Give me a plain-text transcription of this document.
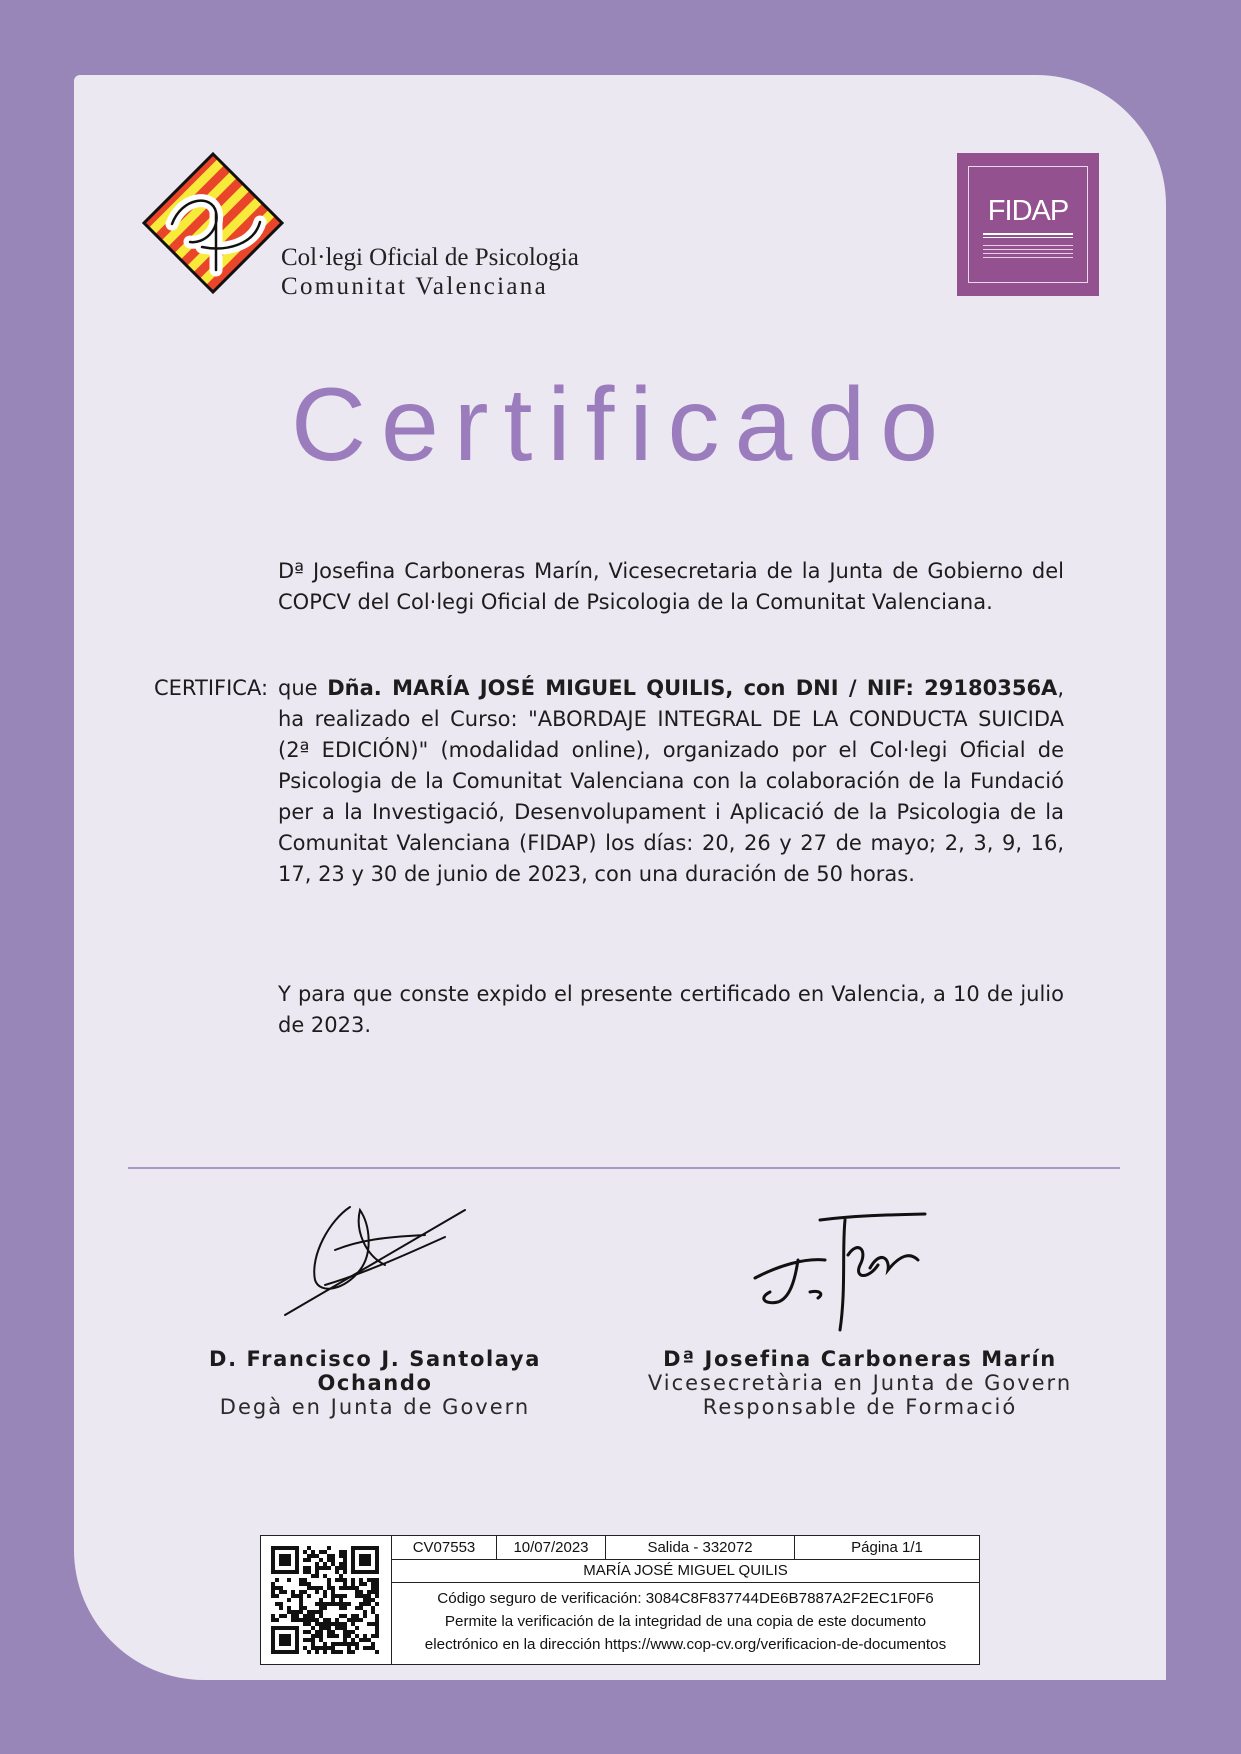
Col·legi Oficial de Psicologia
Comunitat Valenciana
FIDAP
Certificado
Dª Josefina Carboneras Marín, Vicesecretaria de la Junta de Gobierno del COPCV del Col·legi Oficial de Psicologia de la Comunitat Valenciana.
CERTIFICA: que Dña. MARÍA JOSÉ MIGUEL QUILIS, con DNI / NIF: 29180356A, ha realizado el Curso: "ABORDAJE INTEGRAL DE LA CONDUCTA SUICIDA (2ª EDICIÓN)" (modalidad online), organizado por el Col·legi Oficial de Psicologia de la Comunitat Valenciana con la colaboración de la Fundació per a la Investigació, Desenvolupament i Aplicació de la Psicologia de la Comunitat Valenciana (FIDAP) los días: 20, 26 y 27 de mayo; 2, 3, 9, 16, 17, 23 y 30 de junio de 2023, con una duración de 50 horas.
Y para que conste expido el presente certificado en Valencia, a 10 de julio de 2023.
D. Francisco J. Santolaya Ochando
Degà en Junta de Govern
Dª Josefina Carboneras Marín
Vicesecretària en Junta de Govern
Responsable de Formació
CV07553	10/07/2023	Salida - 332072	Página 1/1
MARÍA JOSÉ MIGUEL QUILIS
Código seguro de verificación: 3084C8F837744DE6B7887A2F2EC1F0F6
Permite la verificación de la integridad de una copia de este documento
electrónico en la dirección https://www.cop-cv.org/verificacion-de-documentos
